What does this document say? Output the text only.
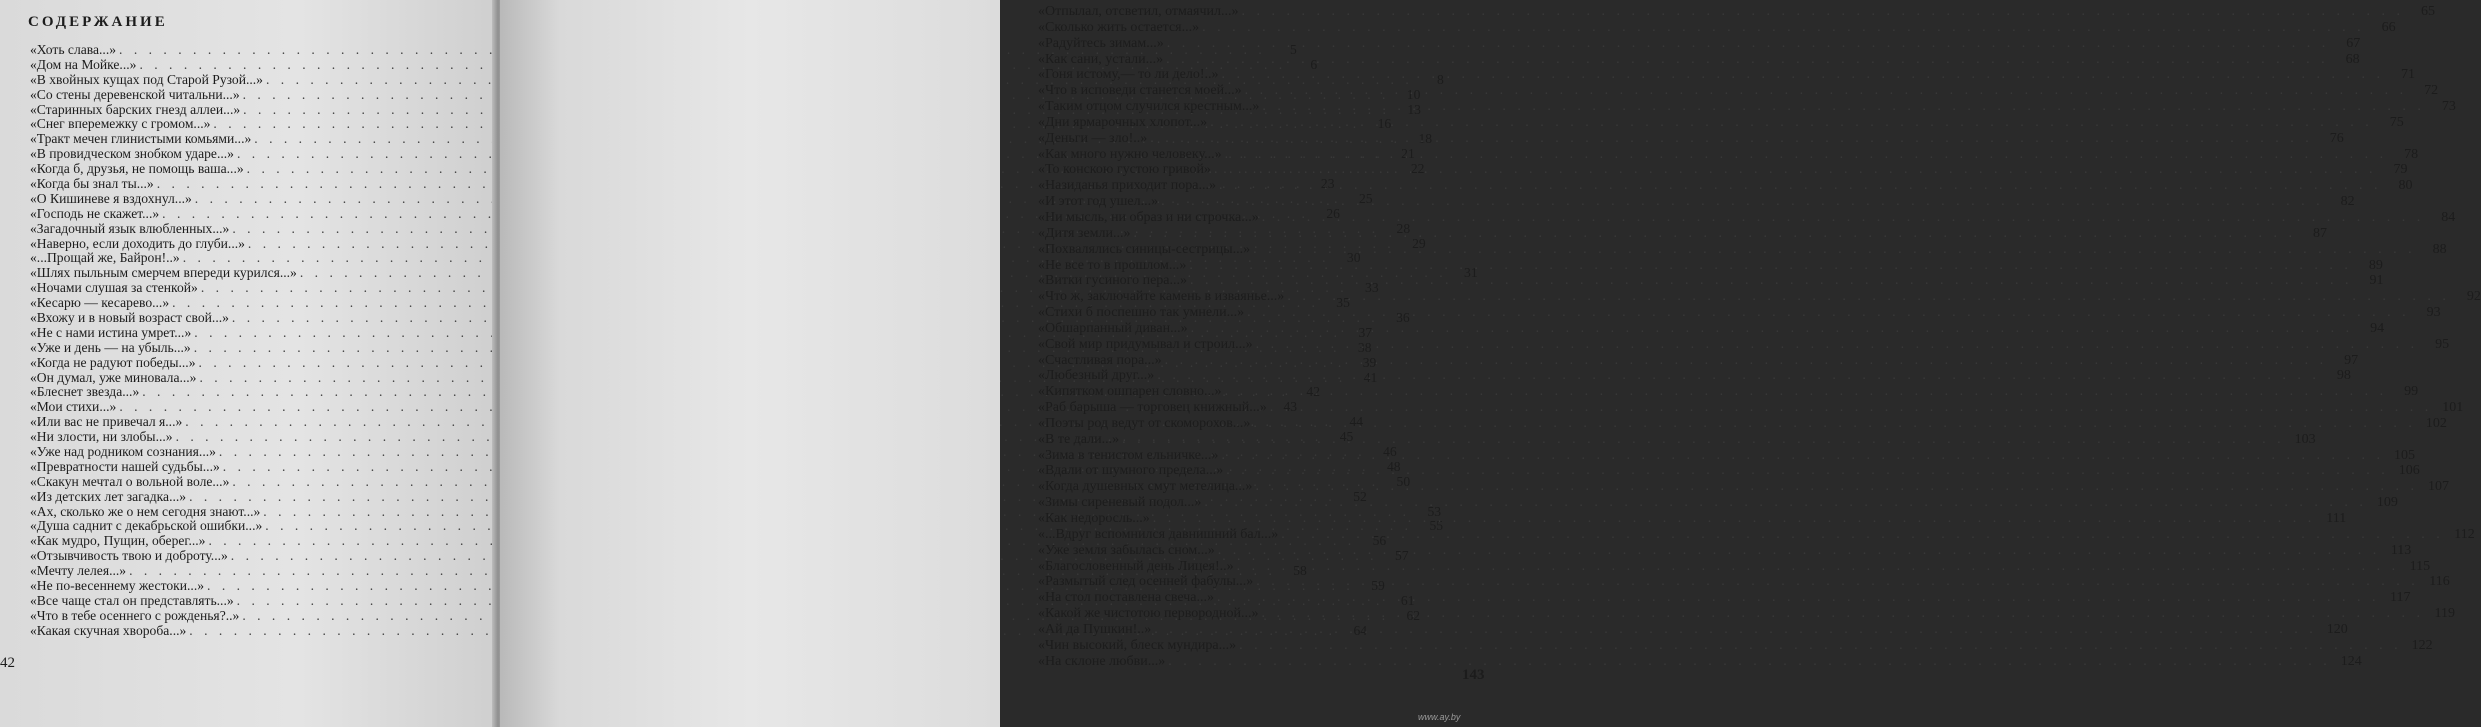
СОДЕРЖАНИЕ
«Хоть слава...» . . .	5
«Дом на Мойке...» . . .	6
«В хвойных кущах под Старой Рузой...» . . .	8
«Со стены деревенской читальни...» . . .	10
«Старинных барских гнезд аллеи...» . . .	13
«Снег вперемежку с громом...» . . .	16
«Тракт мечен глинистыми комьями...» . . .	18
«В провидческом знобком ударе...» . . .	21
«Когда б, друзья, не помощь ваша...» . . .	22
«Когда бы знал ты...» . . .	23
«О Кишиневе я вздохнул...» . . .	25
«Господь не скажет...» . . .	26
«Загадочный язык влюбленных...» . . .	28
«Наверно, если доходить до глуби...» . . .	29
«...Прощай же, Байрон!..» . . .	30
«Шлях пыльным смерчем впереди курился...» . . .	31
«Ночами слушая за стенкой» . . .	33
«Кесарю — кесарево...» . . .	35
«Вхожу и в новый возраст свой...» . . .	36
«Не с нами истина умрет...» . . .	37
«Уже и день — на убыль...» . . .	38
«Когда не радуют победы...» . . .	39
«Он думал, уже миновала...» . . .	41
«Блеснет звезда...» . . .	42
«Мои стихи...» . . .	43
«Или вас не привечал я...» . . .	44
«Ни злости, ни злобы...» . . .	45
«Уже над родником сознания...» . . .	46
«Превратности нашей судьбы...» . . .	48
«Скакун мечтал о вольной воле...» . . .	50
«Из детских лет загадка...» . . .	52
«Ах, сколько же о нем сегодня знают...» . . .	53
«Душа саднит с декабрьской ошибки...» . . .	55
«Как мудро, Пущин, оберег...» . . .	56
«Отзывчивость твою и доброту...» . . .	57
«Мечту лелея...» . . .	58
«Не по-весеннему жестоки...» . . .	59
«Все чаще стал он представлять...» . . .	61
«Что в тебе осеннего с рожденья?..» . . .	62
«Какая скучная хвороба...» . . .	64
42
«Отпылал, отсветил, отмаячил...» . . .	65
«Сколько жить остается...» . . .	66
«Радуйтесь зимам...» . . .	67
«Как сани, устали...» . . .	68
«Гоня истому,— то ли дело!..» . . .	71
«Что в исповеди станется моей...» . . .	72
«Таким отцом случился крестным...» . . .	73
«Дни ярмарочных хлопот...» . . .	75
«Деньги — зло!..» . . .	76
«Как много нужно человеку...» . . .	78
«То конскою густою гривой» . . .	79
«Назиданья приходит пора...» . . .	80
«И этот год ушел...» . . .	82
«Ни мысль, ни образ и ни строчка...» . . .	84
«Дитя земли...» . . .	87
«Похвалялись синицы-сестрицы...» . . .	88
«Не все то в прошлом...» . . .	89
«Витки гусиного пера...» . . .	91
«Что ж, заключайте камень в изваянье...» . . .	92
«Стихи б поспешно так умнели...» . . .	93
«Обшарпанный диван...» . . .	94
«Свой мир придумывал и строил...» . . .	95
«Счастливая пора...» . . .	97
«Любезный друг...» . . .	98
«Кипятком ошпарен словно...» . . .	99
«Раб барыша — торговец книжный...» . . .	101
«Поэты род ведут от скоморохов...» . . .	102
«В те дали...» . . .	103
«Зима в тенистом ельничке...» . . .	105
«Вдали от шумного предела...» . . .	106
«Когда душевных смут метелица...» . . .	107
«Зимы сиреневый подол...» . . .	109
«Как недоросль...» . . .	111
«...Вдруг вспомнился давнишний бал...» . . .	112
«Уже земля забылась сном...» . . .	113
«Благословенный день Лицея!..» . . .	115
«Размытый след осенней фабулы...» . . .	116
«На стол поставлена свеча...» . . .	117
«Какой же чистотою первородной...» . . .	119
«Ай да Пушкин!..» . . .	120
«Чин высокий, блеск мундира...» . . .	122
«На склоне любви...» . . .	124
143
www.ay.by
